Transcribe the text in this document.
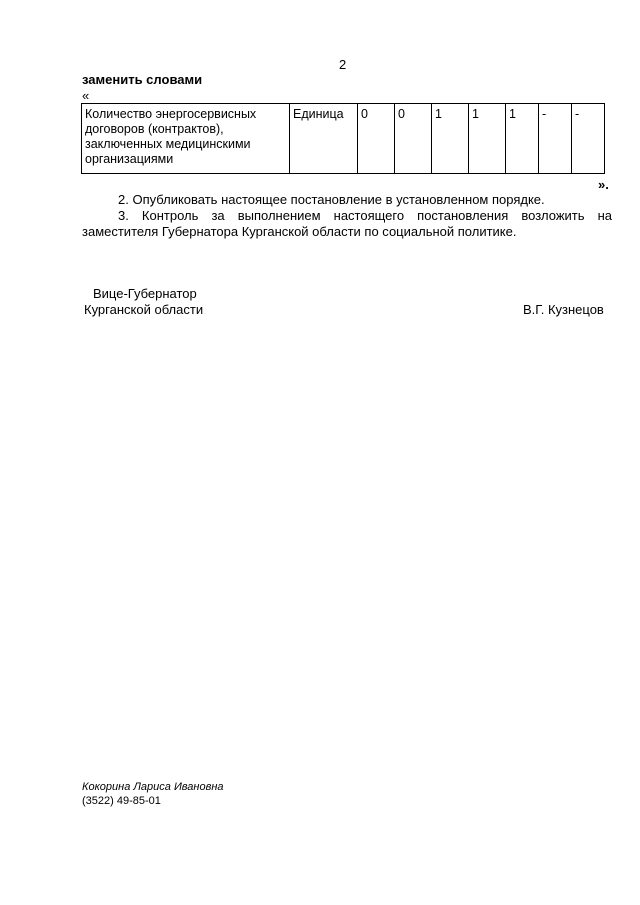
2
заменить словами
«
Количество энергосервисных договоров (контрактов), заключенных медицинскими организациями	Единица	0	0	1	1	1	-	-
».
2. Опубликовать настоящее постановление в установленном порядке.
3. Контроль за выполнением настоящего постановления возложить на
заместителя Губернатора Курганской области по социальной политике.
Вице-Губернатор
Курганской области	В.Г. Кузнецов
Кокорина Лариса Ивановна
(3522) 49-85-01
